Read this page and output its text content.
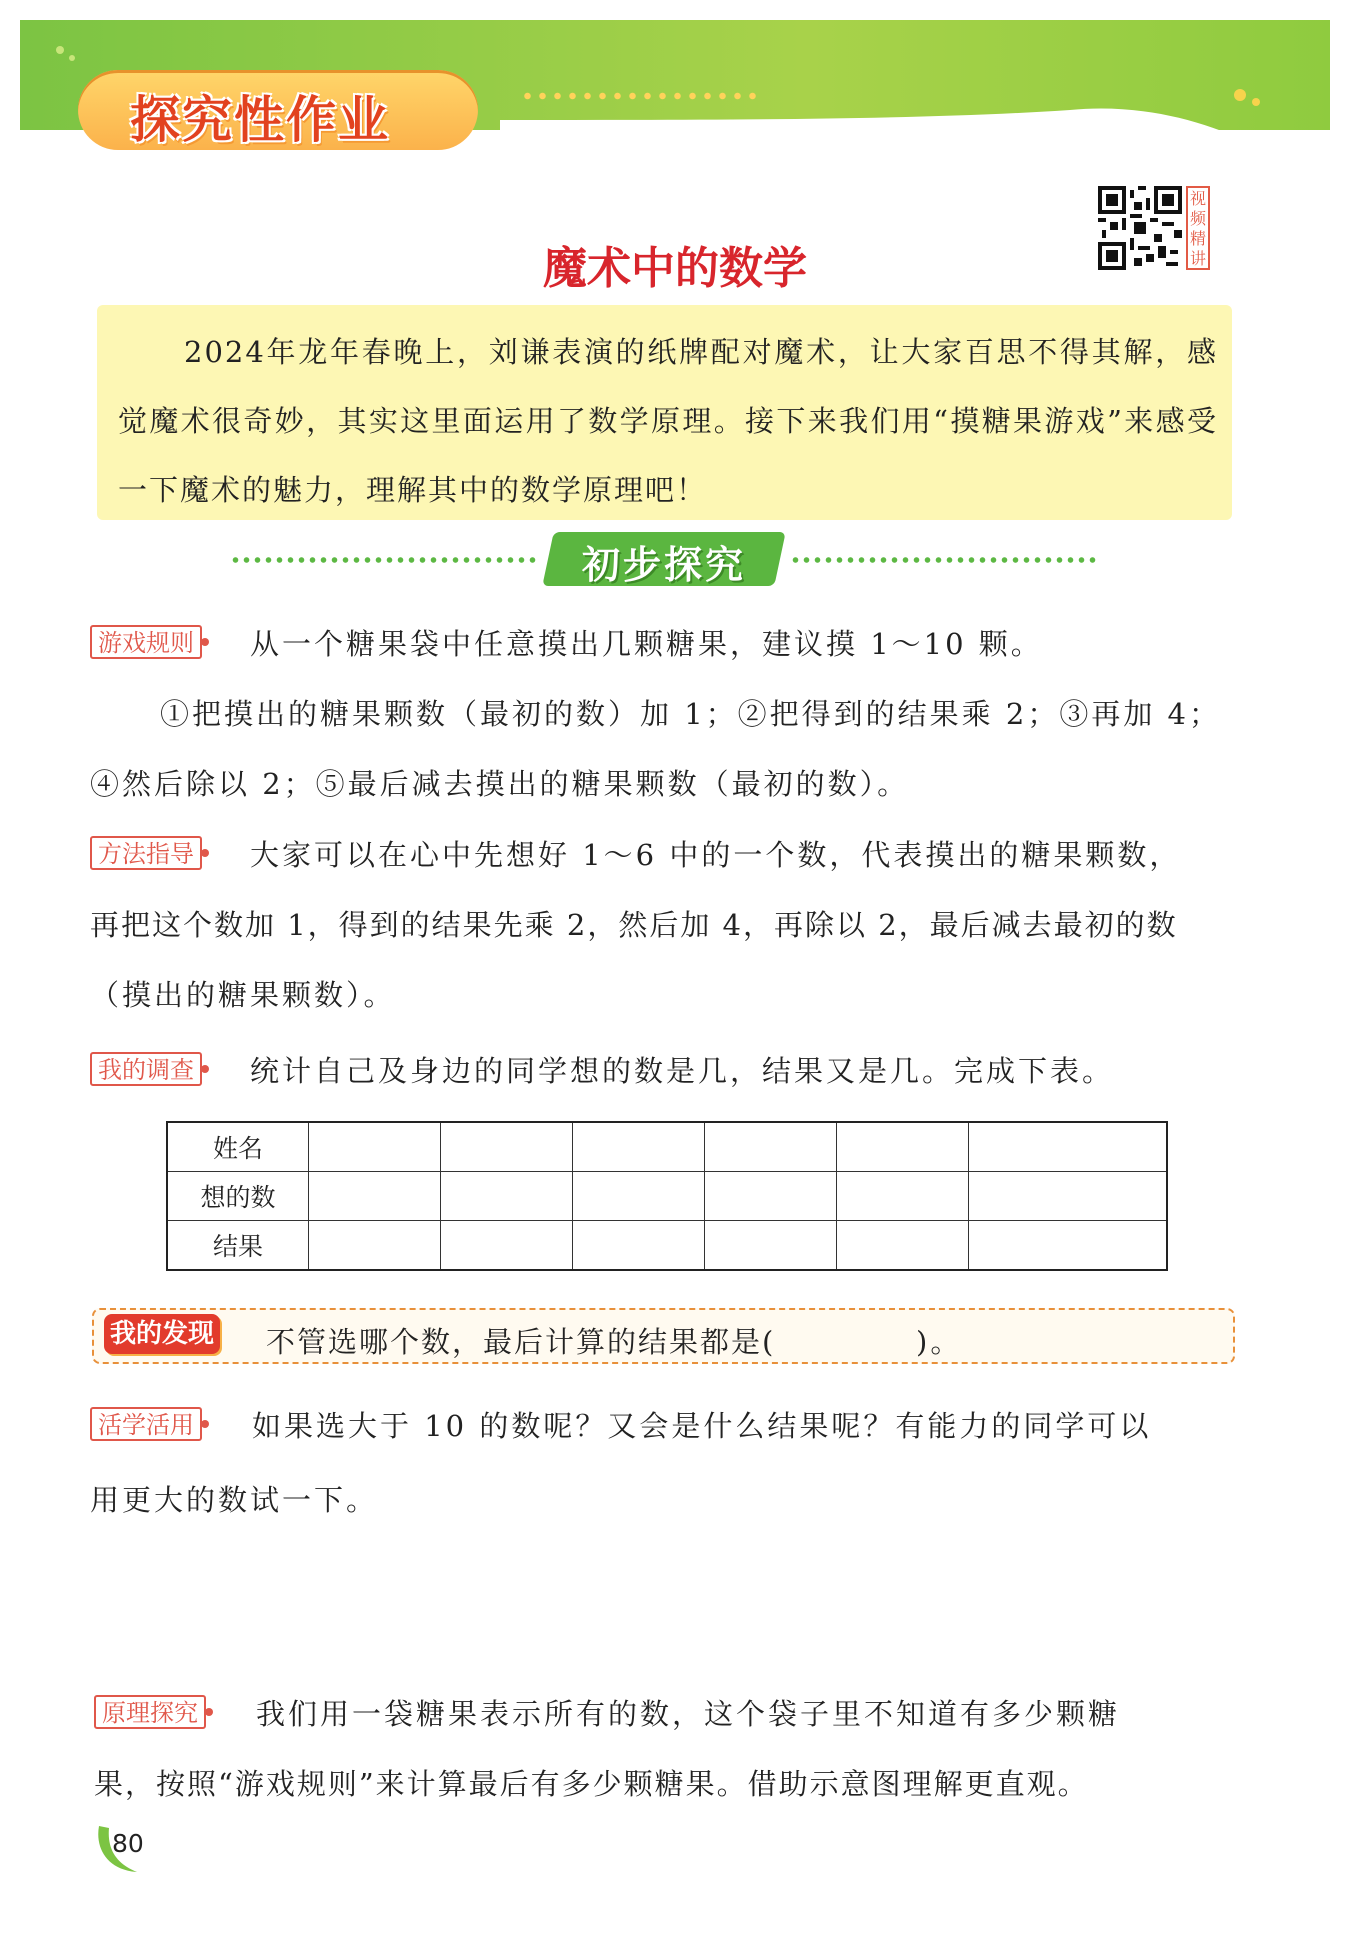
探究性作业
视频精讲
魔术中的数学
2024年龙年春晚上，刘谦表演的纸牌配对魔术，让大家百思不得其解，感觉魔术很奇妙，其实这里面运用了数学原理。接下来我们用“摸糖果游戏”来感受一下魔术的魅力，理解其中的数学原理吧！
初步探究
游戏规则 从一个糖果袋中任意摸出几颗糖果，建议摸 1～10 颗。
①把摸出的糖果颗数（最初的数）加 1；②把得到的结果乘 2；③再加 4；
④然后除以 2；⑤最后减去摸出的糖果颗数（最初的数）。
方法指导 大家可以在心中先想好 1～6 中的一个数，代表摸出的糖果颗数，
再把这个数加 1，得到的结果先乘 2，然后加 4，再除以 2，最后减去最初的数
（摸出的糖果颗数）。
我的调查 统计自己及身边的同学想的数是几，结果又是几。完成下表。
姓名						
想的数						
结果						
我的发现 不管选哪个数，最后计算的结果都是(	)。
活学活用 如果选大于 10 的数呢？又会是什么结果呢？有能力的同学可以
用更大的数试一下。
原理探究 我们用一袋糖果表示所有的数，这个袋子里不知道有多少颗糖
果，按照“游戏规则”来计算最后有多少颗糖果。借助示意图理解更直观。
80
